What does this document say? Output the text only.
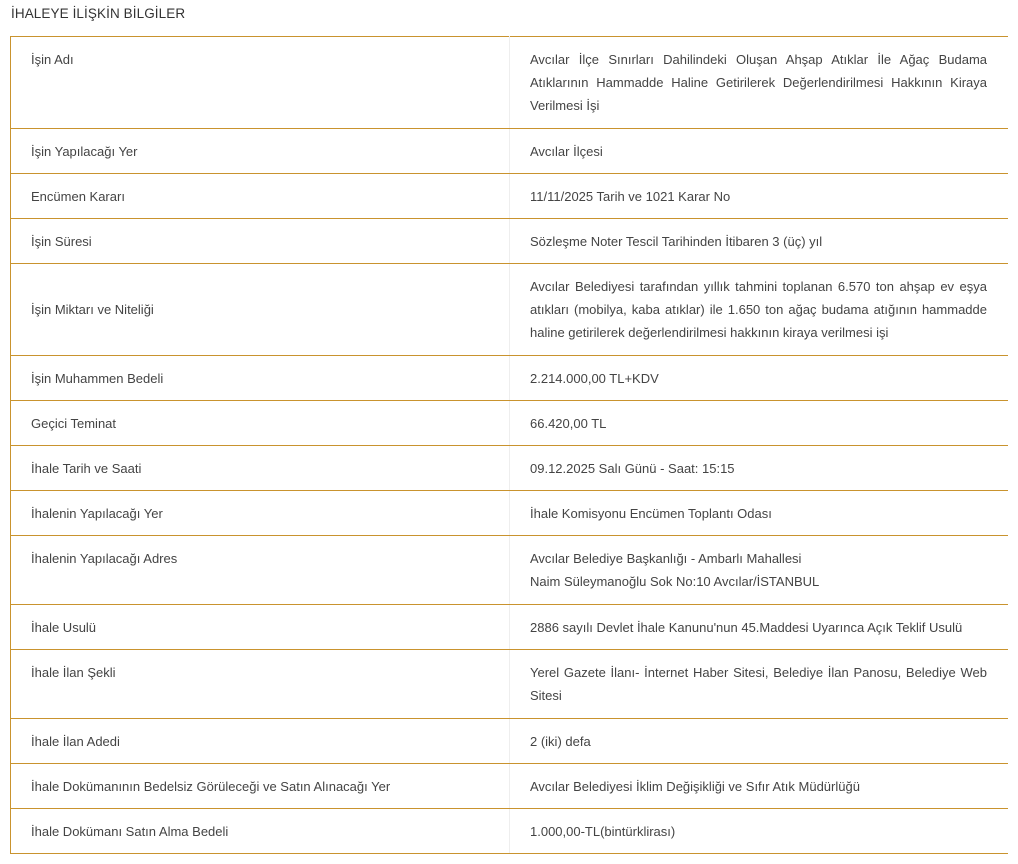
İHALEYE İLİŞKİN BİLGİLER
İşin Adı	Avcılar İlçe Sınırları Dahilindeki Oluşan Ahşap Atıklar İle Ağaç Budama Atıklarının Hammadde Haline Getirilerek Değerlendirilmesi Hakkının Kiraya Verilmesi İşi
İşin Yapılacağı Yer	Avcılar İlçesi
Encümen Kararı	11/11/2025 Tarih ve 1021 Karar No
İşin Süresi	Sözleşme Noter Tescil Tarihinden İtibaren 3 (üç) yıl
İşin Miktarı ve Niteliği	Avcılar Belediyesi tarafından yıllık tahmini toplanan 6.570 ton ahşap ev eşya atıkları (mobilya, kaba atıklar) ile 1.650 ton ağaç budama atığının hammadde haline getirilerek değerlendirilmesi hakkının kiraya verilmesi işi
İşin Muhammen Bedeli	2.214.000,00 TL+KDV
Geçici Teminat	66.420,00 TL
İhale Tarih ve Saati	09.12.2025 Salı Günü - Saat: 15:15
İhalenin Yapılacağı Yer	İhale Komisyonu Encümen Toplantı Odası
İhalenin Yapılacağı Adres	Avcılar Belediye Başkanlığı - Ambarlı Mahallesi
Naim Süleymanoğlu Sok No:10 Avcılar/İSTANBUL

İhale Usulü	2886 sayılı Devlet İhale Kanunu'nun 45.Maddesi Uyarınca Açık Teklif Usulü
İhale İlan Şekli	Yerel Gazete İlanı- İnternet Haber Sitesi, Belediye İlan Panosu, Belediye Web Sitesi
İhale İlan Adedi	2 (iki) defa
İhale Dokümanının Bedelsiz Görüleceği ve Satın Alınacağı Yer	Avcılar Belediyesi İklim Değişikliği ve Sıfır Atık Müdürlüğü
İhale Dokümanı Satın Alma Bedeli	1.000,00-TL(bintürklirası)
